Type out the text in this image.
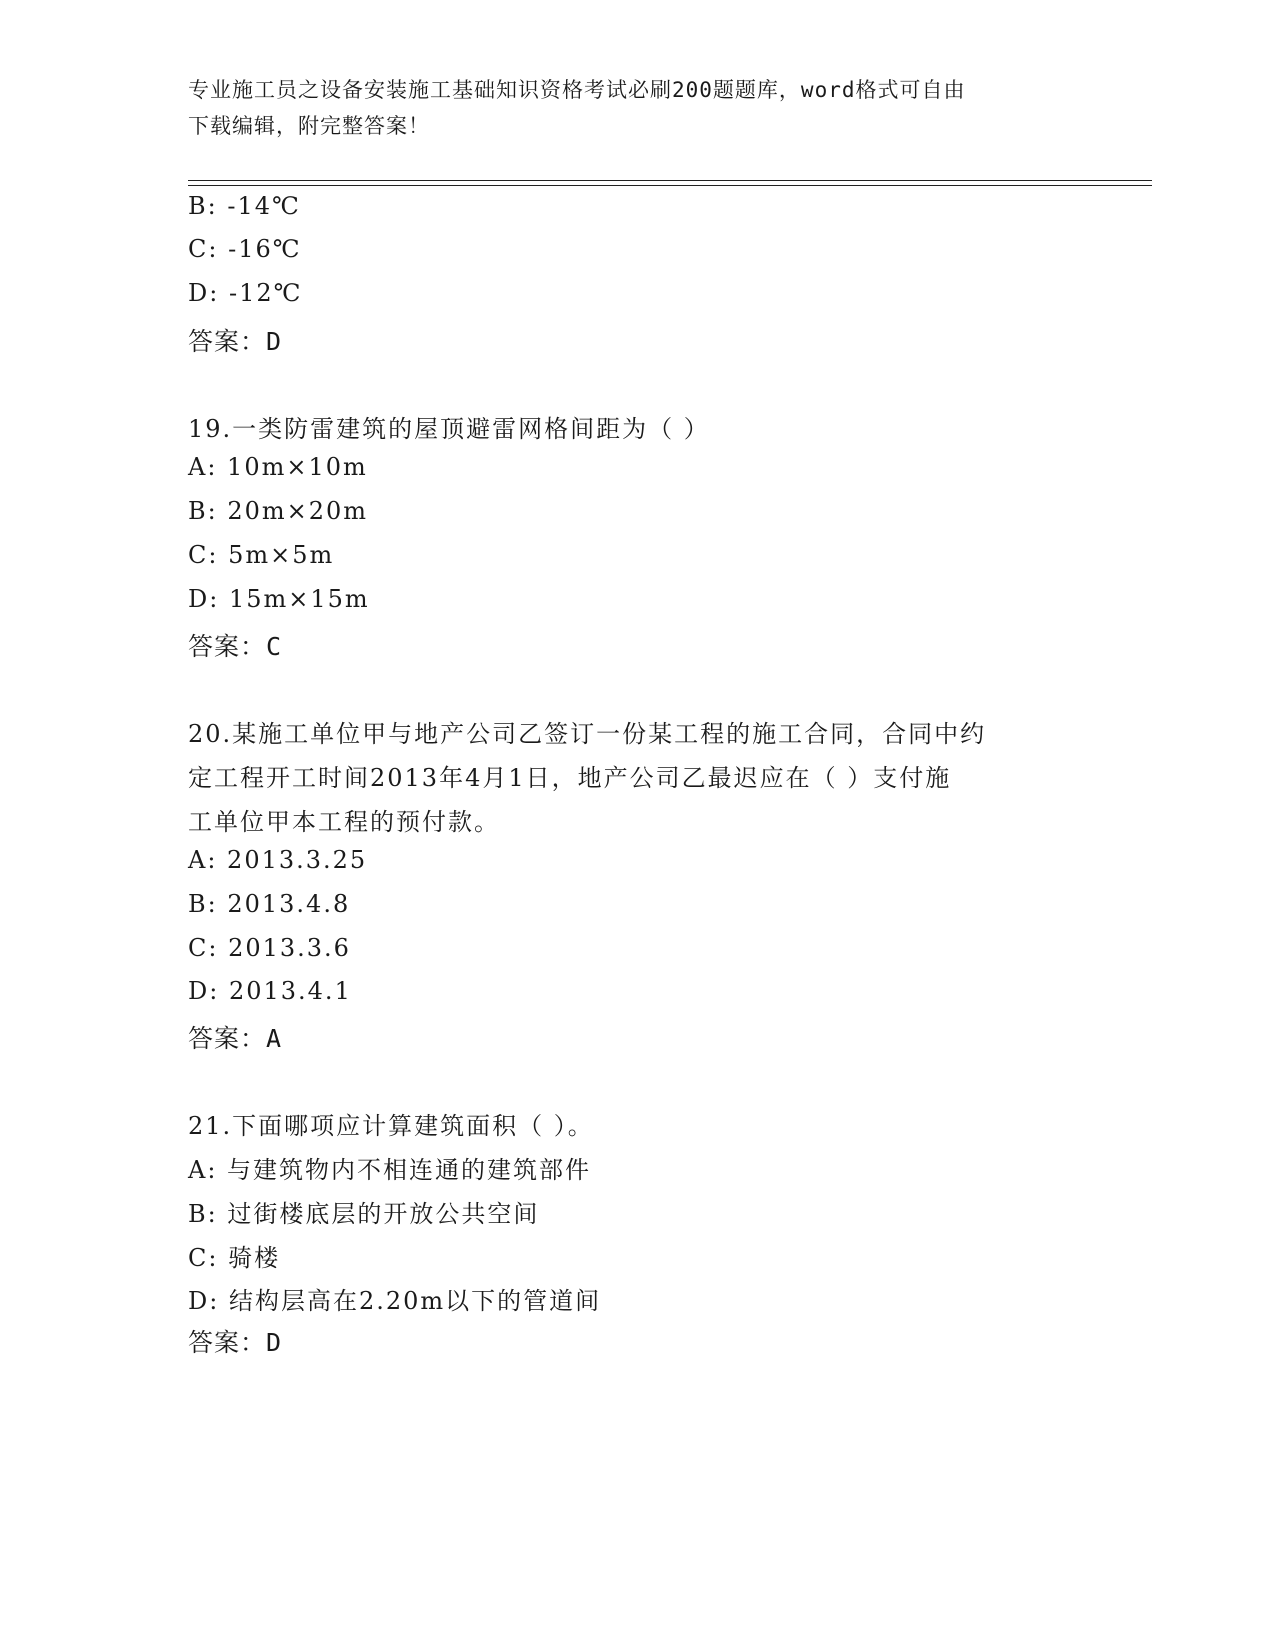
专业施工员之设备安装施工基础知识资格考试必刷200题题库，word格式可自由
下载编辑，附完整答案！
B: -14℃
C: -16℃
D: -12℃
答案：D
19.一类防雷建筑的屋顶避雷网格间距为（ ）
A: 10m×10m
B: 20m×20m
C: 5m×5m
D: 15m×15m
答案：C
20.某施工单位甲与地产公司乙签订一份某工程的施工合同，合同中约
定工程开工时间2013年4月1日，地产公司乙最迟应在（ ）支付施
工单位甲本工程的预付款。
A: 2013.3.25
B: 2013.4.8
C: 2013.3.6
D: 2013.4.1
答案：A
21.下面哪项应计算建筑面积（ ）。
A: 与建筑物内不相连通的建筑部件
B: 过街楼底层的开放公共空间
C: 骑楼
D: 结构层高在2.20m以下的管道间
答案：D
